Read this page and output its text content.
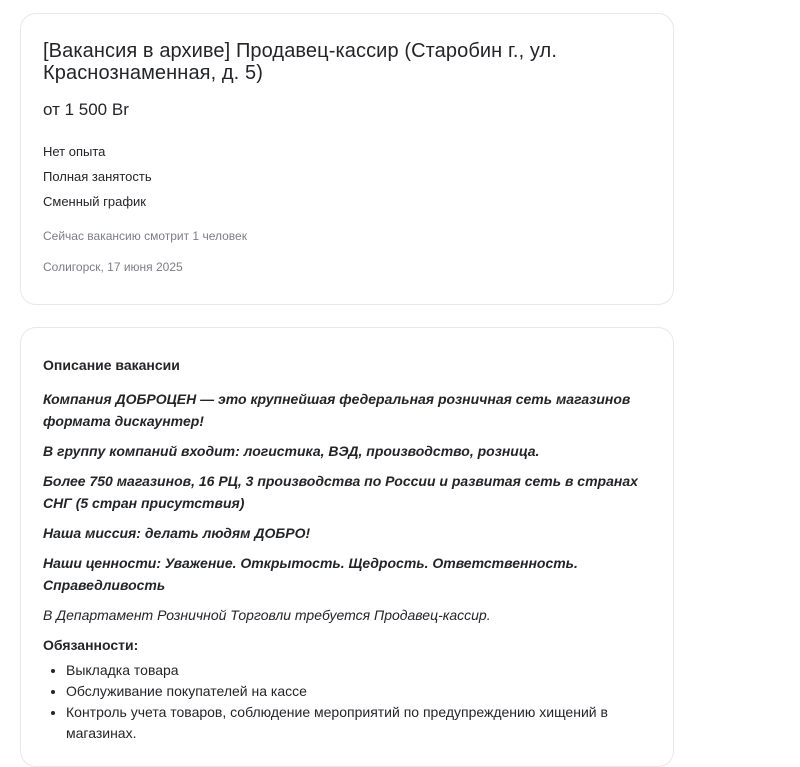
[Вакансия в архиве] Продавец-кассир (Старобин г., ул. Краснознаменная, д. 5)
от 1 500 Br
Нет опыта
Полная занятость
Сменный график
Сейчас вакансию смотрит 1 человек
Солигорск, 17 июня 2025
Описание вакансии

Компания ДОБРОЦЕН — это крупнейшая федеральная розничная сеть магазинов формата дискаунтер!

В группу компаний входит: логистика, ВЭД, производство, розница.

Более 750 магазинов, 16 РЦ, 3 производства по России и развитая сеть в странах СНГ (5 стран присутствия)

Наша миссия: делать людям ДОБРО!

Наши ценности: Уважение. Открытость. Щедрость. Ответственность. Справедливость

В Департамент Розничной Торговли требуется Продавец-кассир.

Обязанности:

• Выкладка товара
• Обслуживание покупателей на кассе
• Контроль учета товаров, соблюдение мероприятий по предупреждению хищений в магазинах.
